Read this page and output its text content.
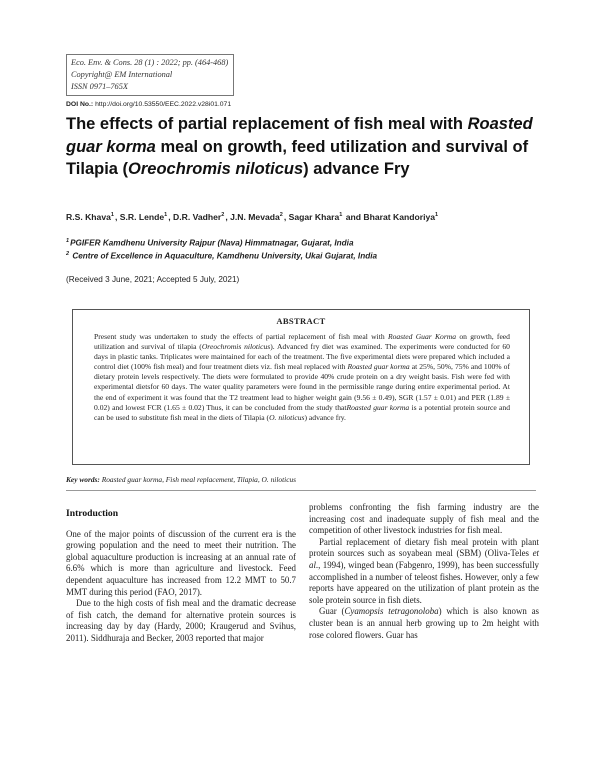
Eco. Env. & Cons. 28 (1) : 2022; pp. (464-468)
Copyright@ EM International
ISSN 0971–765X
DOI No.: http://doi.org/10.53550/EEC.2022.v28i01.071
The effects of partial replacement of fish meal with Roasted guar korma meal on growth, feed utilization and survival of Tilapia (Oreochromis niloticus) advance Fry
R.S. Khava$^1$, S.R. Lende$^1$, D.R. Vadher$^2$, J.N. Mevada$^2$, Sagar Khara$^1$ and Bharat Kandoriya$^1$
$^1$PGIFER Kamdhenu University Rajpur (Nava) Himmatnagar, Gujarat, India
$^2$ Centre of Excellence in Aquaculture, Kamdhenu University, Ukai Gujarat, India
(Received 3 June, 2021; Accepted 5 July, 2021)
ABSTRACT
Present study was undertaken to study the effects of partial replacement of fish meal with Roasted Guar Korma on growth, feed utilization and survival of tilapia (Oreochromis niloticus). Advanced fry diet was examined. The experiments were conducted for 60 days in plastic tanks. Triplicates were maintained for each of the treatment. The five experimental diets were prepared which included a control diet (100% fish meal) and four treatment diets viz. fish meal replaced with Roasted guar korma at 25%, 50%, 75% and 100% of dietary protein levels respectively. The diets were formulated to provide 40% crude protein on a dry weight basis. Fish were fed with experimental dietsfor 60 days. The water quality parameters were found in the permissible range during entire experimental period. At the end of experiment it was found that the T2 treatment lead to higher weight gain (9.56 ± 0.49), SGR (1.57 ± 0.01) and PER (1.89 ± 0.02) and lowest FCR (1.65 ± 0.02) Thus, it can be concluded from the study thatRoasted guar korma is a potential protein source and can be used to substitute fish meal in the diets of Tilapia (O. niloticus) advance fry.
Key words: Roasted guar korma, Fish meal replacement, Tilapia, O. niloticus
Introduction

One of the major points of discussion of the current era is the growing population and the need to meet their nutrition. The global aquaculture production is increasing at an annual rate of 6.6% which is more than agriculture and livestock. Feed dependent aquaculture has increased from 12.2 MMT to 50.7 MMT during this period (FAO, 2017).

Due to the high costs of fish meal and the dramatic decrease of fish catch, the demand for alternative protein sources is increasing day by day (Hardy, 2000; Kraugerud and Svihus, 2011). Siddhuraja and Becker, 2003 reported that major

problems confronting the fish farming industry are the increasing cost and inadequate supply of fish meal and the competition of other livestock industries for fish meal.

Partial replacement of dietary fish meal protein with plant protein sources such as soyabean meal (SBM) (Oliva-Teles et al., 1994), winged bean (Fabgenro, 1999), has been successfully accomplished in a number of teleost fishes. However, only a few reports have appeared on the utilization of plant protein as the sole protein source in fish diets.

Guar (Cyamopsis tetragonoloba) which is also known as cluster bean is an annual herb growing up to 2m height with rose colored flowers. Guar has
